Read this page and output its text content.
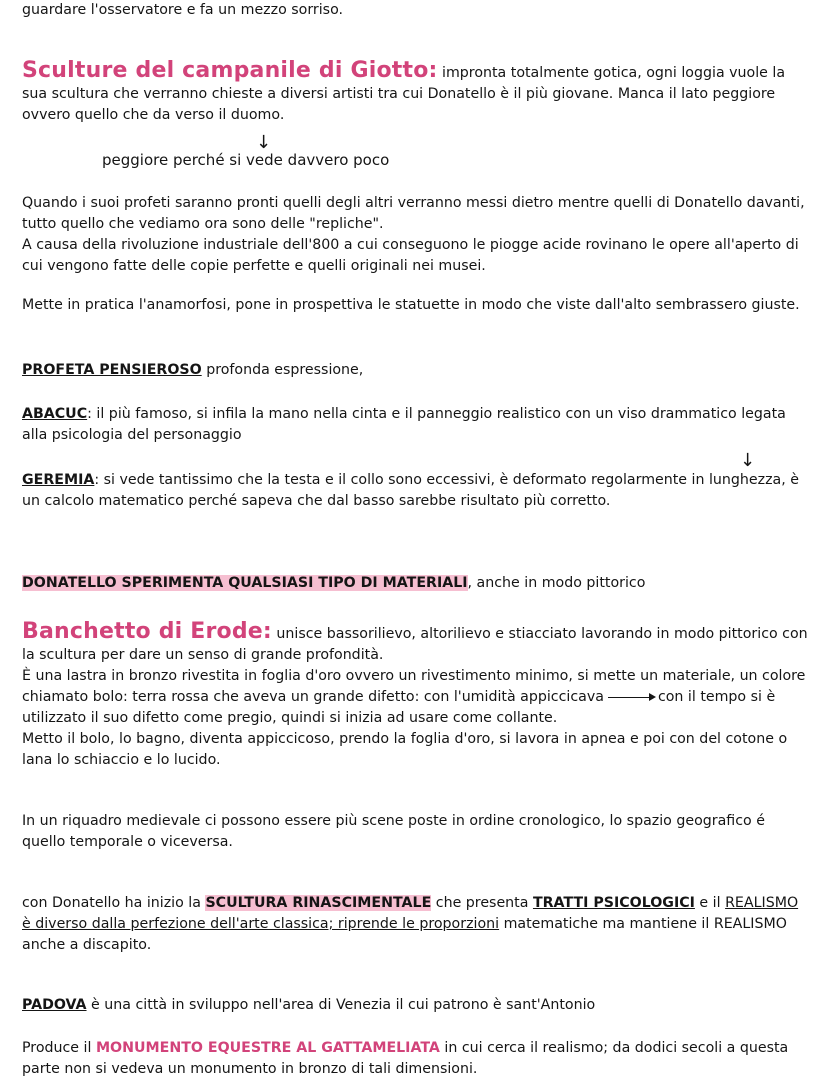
guardare l'osservatore e fa un mezzo sorriso.
Sculture del campanile di Giotto: impronta totalmente gotica, ogni loggia vuole la sua scultura che verranno chieste a diversi artisti tra cui Donatello è il più giovane. Manca il lato peggiore ovvero quello che da verso il duomo.
↓
peggiore perché si vede davvero poco
Quando i suoi profeti saranno pronti quelli degli altri verranno messi dietro mentre quelli di Donatello davanti, tutto quello che vediamo ora sono delle "repliche".
A causa della rivoluzione industriale dell'800 a cui conseguono le piogge acide rovinano le opere all'aperto di cui vengono fatte delle copie perfette e quelli originali nei musei.
Mette in pratica l'anamorfosi, pone in prospettiva le statuette in modo che viste dall'alto sembrassero giuste.
PROFETA PENSIEROSO profonda espressione,
ABACUC: il più famoso, si infila la mano nella cinta e il panneggio realistico con un viso drammatico legata alla psicologia del personaggio
↓
GEREMIA: si vede tantissimo che la testa e il collo sono eccessivi, è deformato regolarmente in lunghezza, è un calcolo matematico perché sapeva che dal basso sarebbe risultato più corretto.
DONATELLO SPERIMENTA QUALSIASI TIPO DI MATERIALI, anche in modo pittorico
Banchetto di Erode: unisce bassorilievo, altorilievo e stiacciato lavorando in modo pittorico con la scultura per dare un senso di grande profondità.
È una lastra in bronzo rivestita in foglia d'oro ovvero un rivestimento minimo, si mette un materiale, un colore chiamato bolo: terra rossa che aveva un grande difetto: con l'umidità appiccicava	con il tempo si è utilizzato il suo difetto come pregio, quindi si inizia ad usare come collante.
Metto il bolo, lo bagno, diventa appiccicoso, prendo la foglia d'oro, si lavora in apnea e poi con del cotone o lana lo schiaccio e lo lucido.
In un riquadro medievale ci possono essere più scene poste in ordine cronologico, lo spazio geografico é quello temporale o viceversa.
con Donatello ha inizio la SCULTURA RINASCIMENTALE che presenta TRATTI PSICOLOGICI e il REALISMO è diverso dalla perfezione dell'arte classica; riprende le proporzioni matematiche ma mantiene il REALISMO anche a discapito.
PADOVA è una città in sviluppo nell'area di Venezia il cui patrono è sant'Antonio
Produce il MONUMENTO EQUESTRE AL GATTAMELIATA in cui cerca il realismo; da dodici secoli a questa parte non si vedeva un monumento in bronzo di tali dimensioni.
